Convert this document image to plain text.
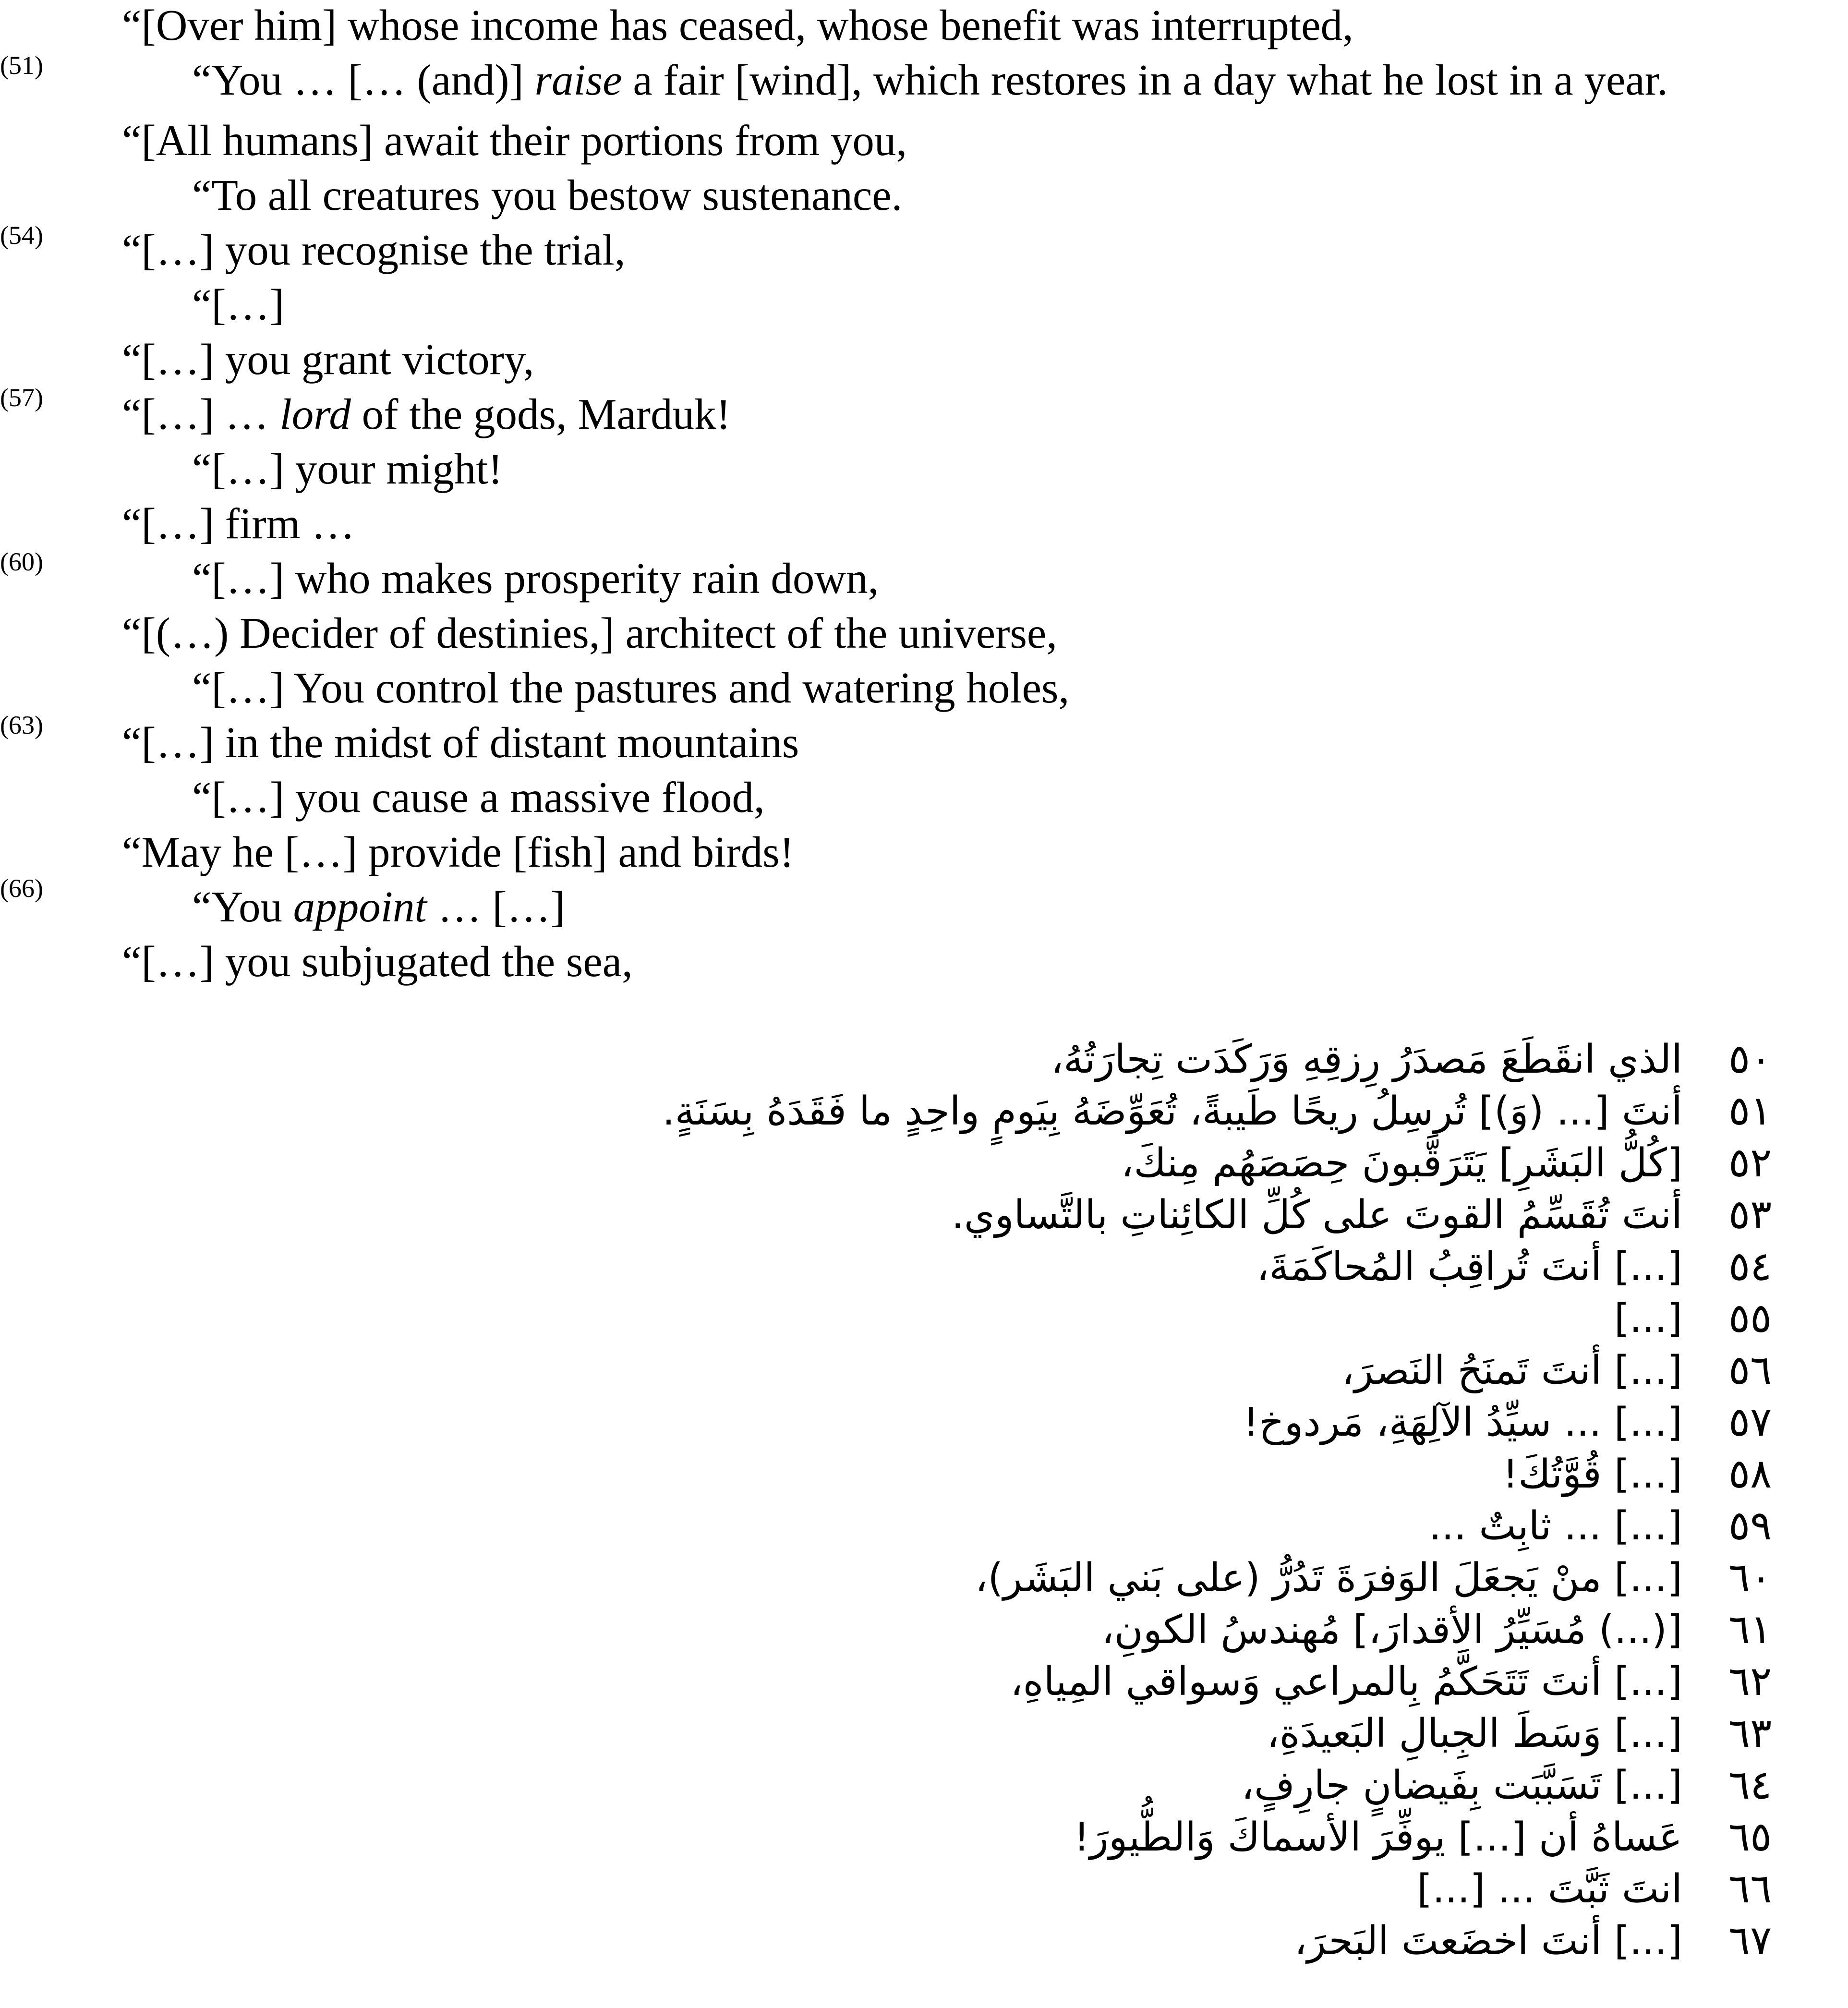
“[Over him] whose income has ceased, whose benefit was interrupted,
(51)	“You … [… (and)] raise a fair [wind], which restores in a day what he lost in a year.
“[All humans] await their portions from you,
“To all creatures you bestow sustenance.
(54) “[…] you recognise the trial,
“[…]
“[…] you grant victory,
(57) “[…] … lord of the gods, Marduk!
“[…] your might!
“[…] firm …
(60)	“[…] who makes prosperity rain down,
“[(…) Decider of destinies,] architect of the universe,
“[…] You control the pastures and watering holes,
(63) “[…] in the midst of distant mountains
“[…] you cause a massive flood,
“May he […] provide [fish] and birds!
(66)	“You appoint … […]
“[…] you subjugated the sea,
الذي انقَطَعَ مَصدَرُ رِزقِهِ وَرَكَدَت تِجارَتُهُ، ٥٠
أنتَ [... (وَ)] تُرسِلُ ريحًا طَيبةً، تُعَوِّضَهُ بِيَومٍ واحِدٍ ما فَقَدَهُ بِسَنَةٍ. ٥١
[كُلُّ البَشَرِ] يَتَرَقَّبونَ حِصَصَهُم مِنكَ، ٥٢
أنتَ تُقَسِّمُ القوتَ على كُلِّ الكائِناتِ بالتَّساوي. ٥٣
[...] أنتَ تُراقِبُ المُحاكَمَةَ، ٥٤
[...] ٥٥
[...] أنتَ تَمنَحُ النَصرَ، ٥٦
[...] ... سيِّدُ الآلِهَةِ، مَردوخ! ٥٧
[...] قُوَّتُكَ! ٥٨
[...] ... ثابِتٌ ... ٥٩
[...] منْ يَجعَلَ الوَفرَةَ تَدُرُّ (على بَني البَشَر)، ٦٠
[(...) مُسَيِّرُ الأقدارَ،] مُهندسُ الكونِ، ٦١
[...] أنتَ تَتَحَكَّمُ بِالمراعي وَسواقي المِياهِ، ٦٢
[...] وَسَطَ الجِبالِ البَعيدَةِ، ٦٣
[...] تَسَبَّبَت بِفَيضانٍ جارِفٍ، ٦٤
عَساهُ أن [...] يوفِّرَ الأسماكَ وَالطُّيورَ! ٦٥
انتَ ثَبَّتَ ... [...] ٦٦
[...] أنتَ اخضَعتَ البَحرَ، ٦٧
